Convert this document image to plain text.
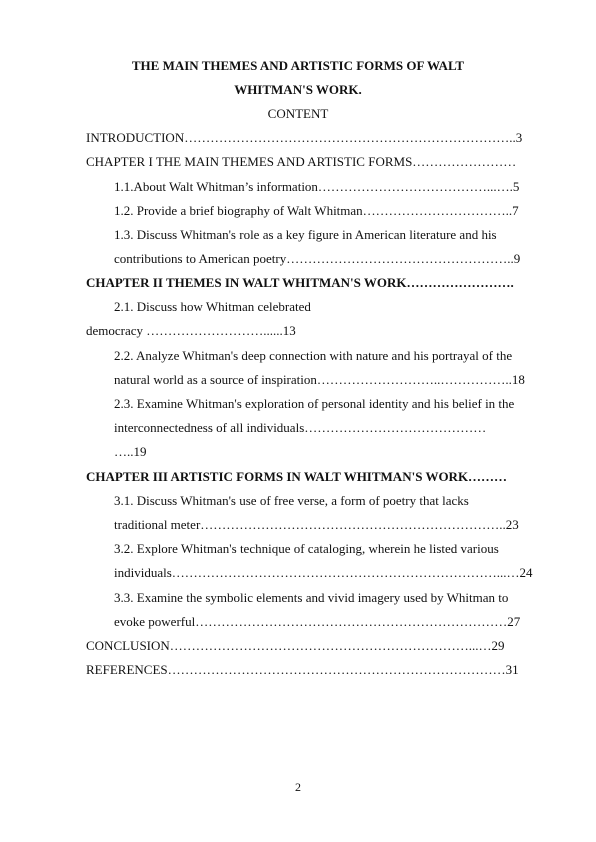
THE MAIN THEMES AND ARTISTIC FORMS OF WALT
WHITMAN'S WORK.
CONTENT
INTRODUCTION…………………………………………………………………..3
CHAPTER I THE MAIN THEMES AND ARTISTIC FORMS……………………
1.1.About Walt Whitman’s information…………………………………...….5
1.2. Provide a brief biography of Walt Whitman……………………………..7
1.3. Discuss Whitman's role as a key figure in American literature and his
contributions to American poetry……………………………………………..9
CHAPTER II THEMES IN WALT WHITMAN'S WORK…………………….
2.1. Discuss how Whitman celebrated
democracy ………………………......13
2.2. Analyze Whitman's deep connection with nature and his portrayal of the
natural world as a source of inspiration………………………..……………..18
2.3. Examine Whitman's exploration of personal identity and his belief in the
interconnectedness of all individuals……………………………………
…..19
CHAPTER III ARTISTIC FORMS IN WALT WHITMAN'S WORK………
3.1. Discuss Whitman's use of free verse, a form of poetry that lacks
traditional meter……………………………………………………………..23
3.2. Explore Whitman's technique of cataloging, wherein he listed various
individuals…………………………………………………………………...…24
3.3. Examine the symbolic elements and vivid imagery used by Whitman to
evoke powerful………………………………………………………………27
CONCLUSION……………………………………………………………...…29
REFERENCES……………………………………………………………………31
2
